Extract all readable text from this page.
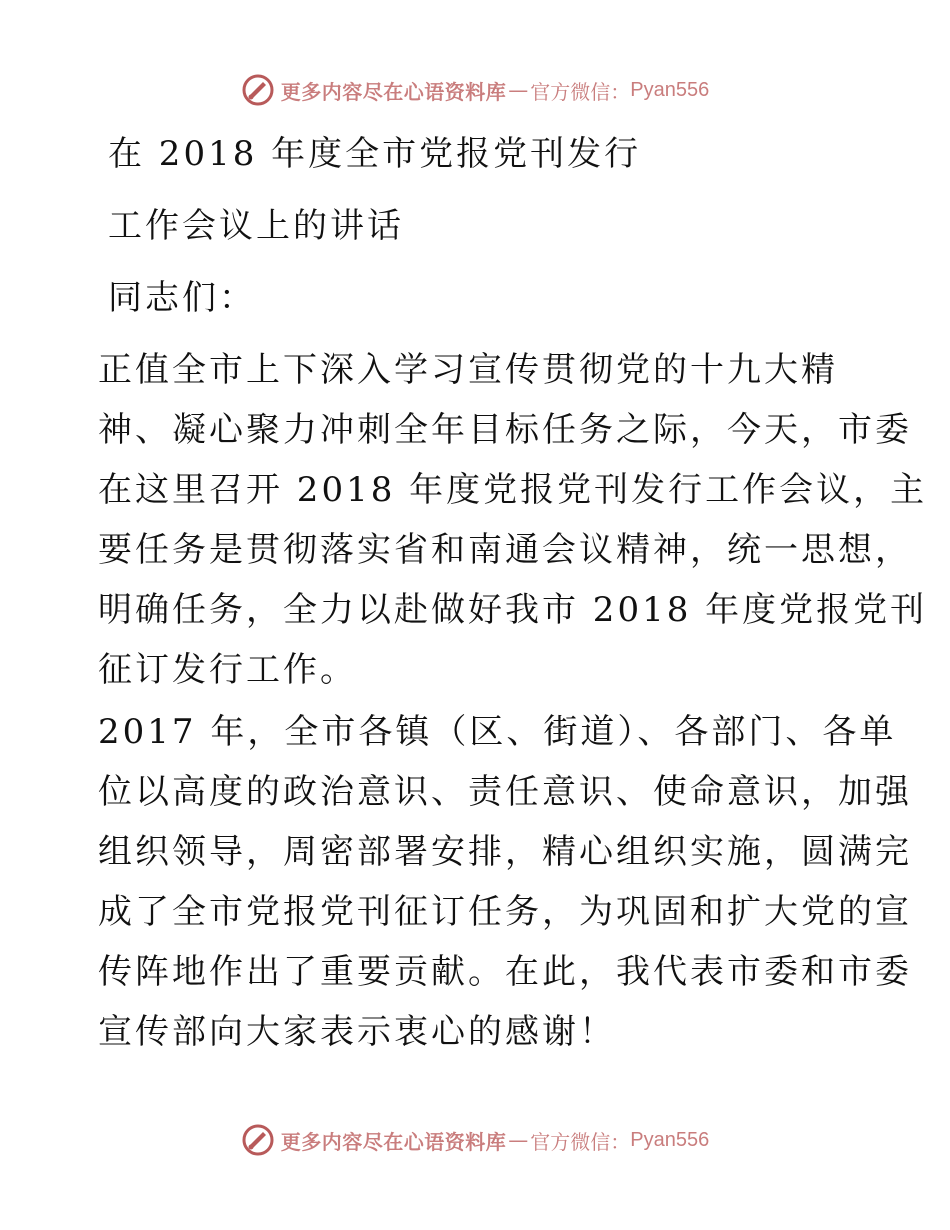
更多内容尽在心语资料库 — 官方微信： Pyan556
在 2018 年度全市党报党刊发行
工作会议上的讲话
同志们：
正值全市上下深入学习宣传贯彻党的十九大精
神、凝心聚力冲刺全年目标任务之际，今天，市委
在这里召开 2018 年度党报党刊发行工作会议，主
要任务是贯彻落实省和南通会议精神，统一思想，
明确任务，全力以赴做好我市 2018 年度党报党刊
征订发行工作。
2017 年，全市各镇（区、街道）、各部门、各单
位以高度的政治意识、责任意识、使命意识，加强
组织领导，周密部署安排，精心组织实施，圆满完
成了全市党报党刊征订任务，为巩固和扩大党的宣
传阵地作出了重要贡献。在此，我代表市委和市委
宣传部向大家表示衷心的感谢！
更多内容尽在心语资料库 — 官方微信： Pyan556
